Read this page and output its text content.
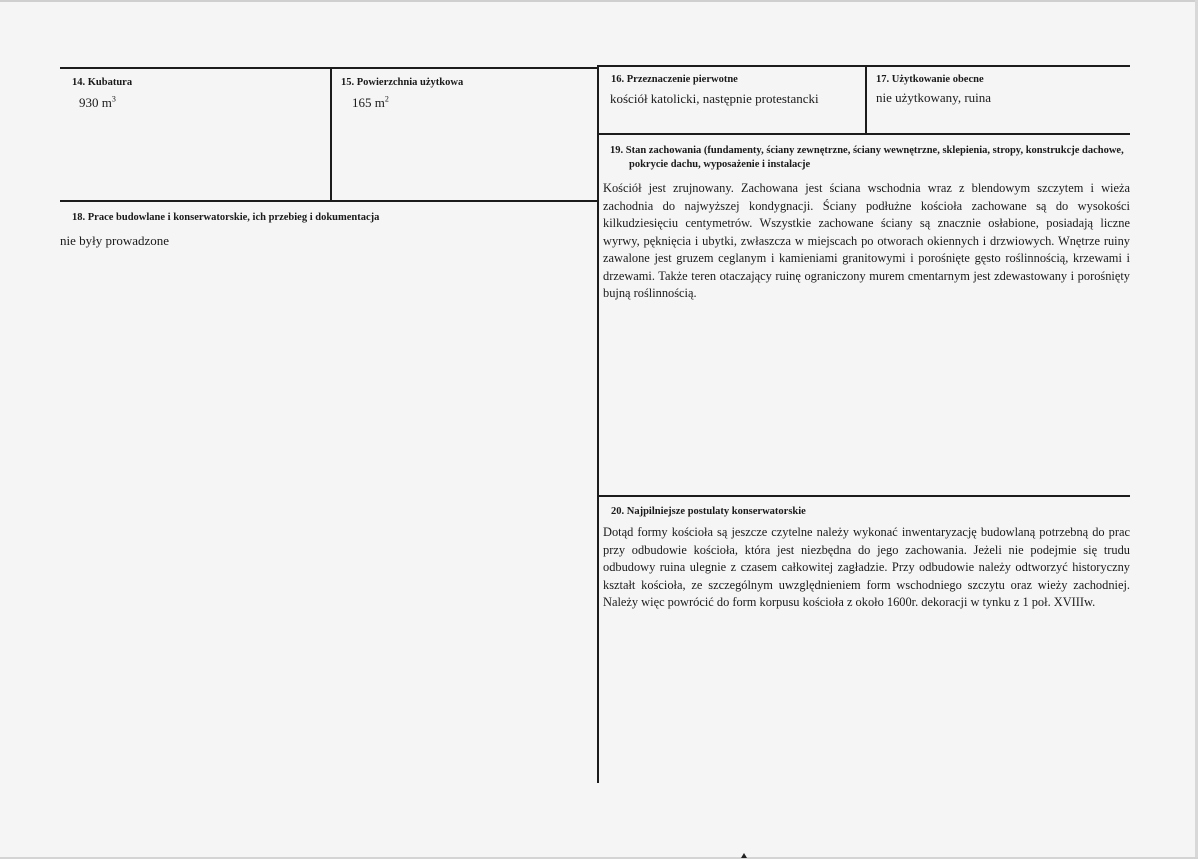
14. Kubatura
930 $m^3$
15. Powierzchnia użytkowa
165 $m^2$
16. Przeznaczenie pierwotne
kościół katolicki, następnie protestancki
17. Użytkowanie obecne
nie użytkowany, ruina
19. Stan zachowania (fundamenty, ściany zewnętrzne, ściany wewnętrzne, sklepienia, stropy, konstrukcje dachowe, pokrycie dachu, wyposażenie i instalacje
Kościół jest zrujnowany. Zachowana jest ściana wschodnia wraz z blendowym szczytem i wieża zachodnia do najwyższej kondygnacji. Ściany podłużne kościoła zachowane są do wysokości kilkudziesięciu centymetrów. Wszystkie zachowane ściany są znacznie osłabione, posiadają liczne wyrwy, pęknięcia i ubytki, zwłaszcza w miejscach po otworach okiennych i drzwiowych. Wnętrze ruiny zawalone jest gruzem ceglanym i kamieniami granitowymi i porośnięte gęsto roślinnością, krzewami i drzewami. Także teren otaczający ruinę ograniczony murem cmentarnym jest zdewastowany i porośnięty bujną roślinnością.
18. Prace budowlane i konserwatorskie, ich przebieg i dokumentacja
nie były prowadzone
20. Najpilniejsze postulaty konserwatorskie
Dotąd formy kościoła są jeszcze czytelne należy wykonać inwentaryzację budowlaną potrzebną do prac przy odbudowie kościoła, która jest niezbędna do jego zachowania. Jeżeli nie podejmie się trudu odbudowy ruina ulegnie z czasem całkowitej zagładzie. Przy odbudowie należy odtworzyć historyczny kształt kościoła, ze szczególnym uwzględnieniem form wschodniego szczytu oraz wieży zachodniej. Należy więc powrócić do form korpusu kościoła z około 1600r. dekoracji w tynku z 1 poł. XVIIIw.
